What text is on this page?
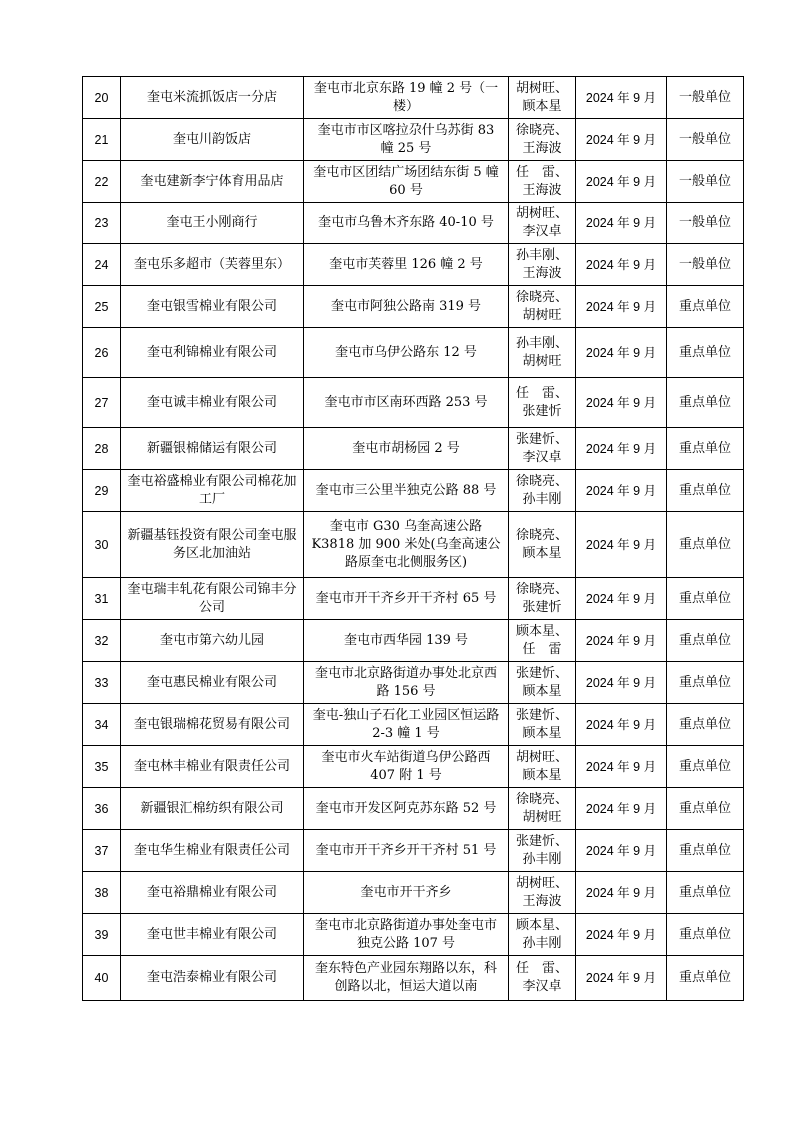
20	奎屯米流抓饭店一分店	奎屯市北京东路 19 幢 2 号（一楼）	胡树旺、顾本星	2024 年 9 月	一般单位
21	奎屯川韵饭店	奎屯市市区喀拉尕什乌苏街 83 幢 25 号	徐晓亮、王海波	2024 年 9 月	一般单位
22	奎屯建新李宁体育用品店	奎屯市区团结广场团结东街 5 幢 60 号	任　雷、王海波	2024 年 9 月	一般单位
23	奎屯王小刚商行	奎屯市乌鲁木齐东路 40-10 号	胡树旺、李汉卓	2024 年 9 月	一般单位
24	奎屯乐多超市（芙蓉里东）	奎屯市芙蓉里 126 幢 2 号	孙丰刚、王海波	2024 年 9 月	一般单位
25	奎屯银雪棉业有限公司	奎屯市阿独公路南 319 号	徐晓亮、胡树旺	2024 年 9 月	重点单位
26	奎屯利锦棉业有限公司	奎屯市乌伊公路东 12 号	孙丰刚、胡树旺	2024 年 9 月	重点单位
27	奎屯诚丰棉业有限公司	奎屯市市区南环西路 253 号	任　雷、张建忻	2024 年 9 月	重点单位
28	新疆银棉储运有限公司	奎屯市胡杨园 2 号	张建忻、李汉卓	2024 年 9 月	重点单位
29	奎屯裕盛棉业有限公司棉花加工厂	奎屯市三公里半独克公路 88 号	徐晓亮、孙丰刚	2024 年 9 月	重点单位
30	新疆基钰投资有限公司奎屯服务区北加油站	奎屯市 G30 乌奎高速公路 K3818 加 900 米处(乌奎高速公路原奎屯北侧服务区)	徐晓亮、顾本星	2024 年 9 月	重点单位
31	奎屯瑞丰轧花有限公司锦丰分公司	奎屯市开干齐乡开干齐村 65 号	徐晓亮、张建忻	2024 年 9 月	重点单位
32	奎屯市第六幼儿园	奎屯市西华园 139 号	顾本星、任　雷	2024 年 9 月	重点单位
33	奎屯惠民棉业有限公司	奎屯市北京路街道办事处北京西路 156 号	张建忻、顾本星	2024 年 9 月	重点单位
34	奎屯银瑞棉花贸易有限公司	奎屯-独山子石化工业园区恒运路 2-3 幢 1 号	张建忻、顾本星	2024 年 9 月	重点单位
35	奎屯林丰棉业有限责任公司	奎屯市火车站街道乌伊公路西 407 附 1 号	胡树旺、顾本星	2024 年 9 月	重点单位
36	新疆银汇棉纺织有限公司	奎屯市开发区阿克苏东路 52 号	徐晓亮、胡树旺	2024 年 9 月	重点单位
37	奎屯华生棉业有限责任公司	奎屯市开干齐乡开干齐村 51 号	张建忻、孙丰刚	2024 年 9 月	重点单位
38	奎屯裕鼎棉业有限公司	奎屯市开干齐乡	胡树旺、王海波	2024 年 9 月	重点单位
39	奎屯世丰棉业有限公司	奎屯市北京路街道办事处奎屯市独克公路 107 号	顾本星、孙丰刚	2024 年 9 月	重点单位
40	奎屯浩泰棉业有限公司	奎东特色产业园东翔路以东，科创路以北，恒运大道以南	任　雷、李汉卓	2024 年 9 月	重点单位
